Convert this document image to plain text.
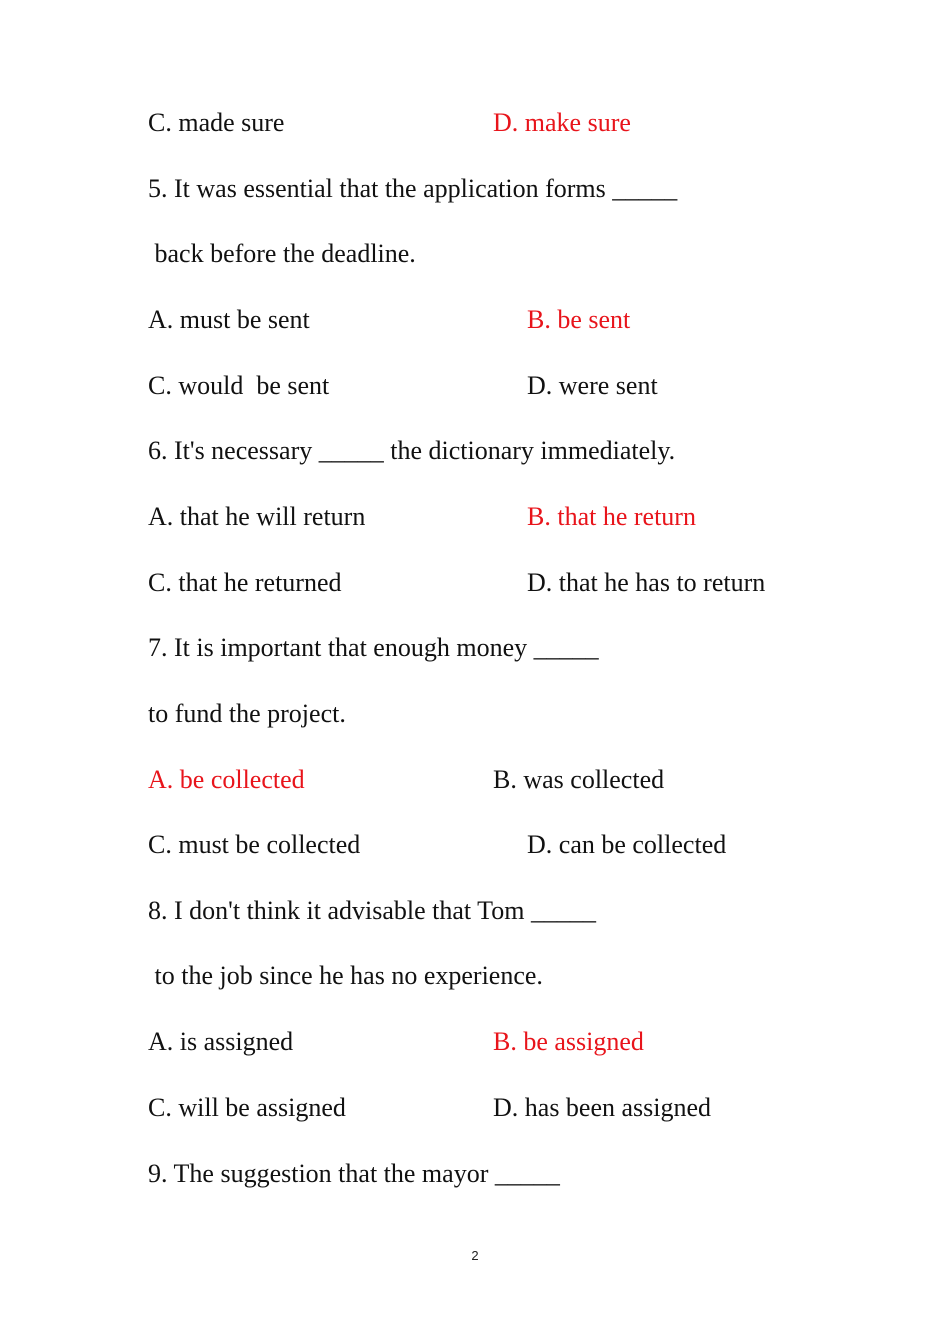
C. made sure	D. make sure
5. It was essential that the application forms _____
back before the deadline.
A. must be sent	B. be sent
C. would  be sent	D. were sent
6. It's necessary _____ the dictionary immediately.
A. that he will return	B. that he return
C. that he returned	D. that he has to return
7. It is important that enough money _____
to fund the project.
A. be collected	B. was collected
C. must be collected	D. can be collected
8. I don't think it advisable that Tom _____
to the job since he has no experience.
A. is assigned	B. be assigned
C. will be assigned	D. has been assigned
9. The suggestion that the mayor _____
2
